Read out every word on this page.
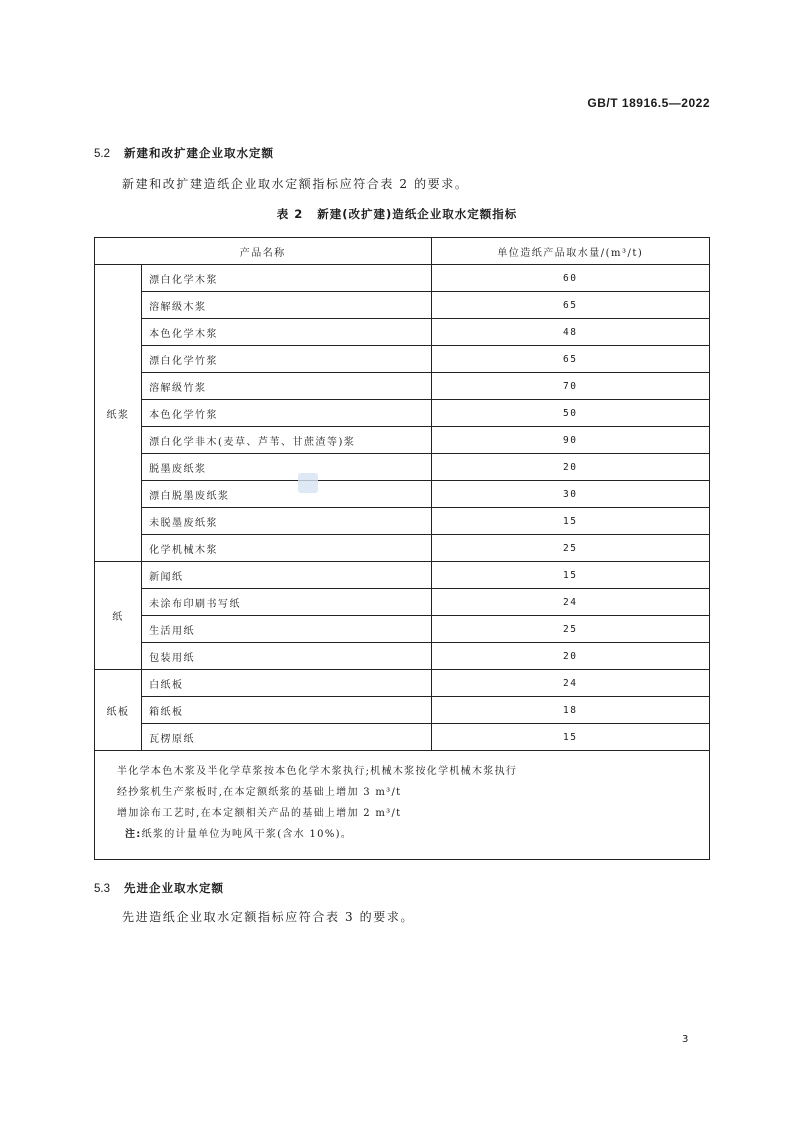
GB/T 18916.5—2022
5.2 新建和改扩建企业取水定额
新建和改扩建造纸企业取水定额指标应符合表 2 的要求。
表 2 新建(改扩建)造纸企业取水定额指标
产品名称		单位造纸产品取水量/(m³/t)
纸浆	漂白化学木浆	60
	溶解级木浆	65
	本色化学木浆	48
	漂白化学竹浆	65
	溶解级竹浆	70
	本色化学竹浆	50
	漂白化学非木(麦草、芦苇、甘蔗渣等)浆	90
	脱墨废纸浆	20
	漂白脱墨废纸浆	30
	未脱墨废纸浆	15
	化学机械木浆	25
纸	新闻纸	15
	未涂布印刷书写纸	24
	生活用纸	25
	包装用纸	20
纸板	白纸板	24
	箱纸板	18
	瓦楞原纸	15

半化学本色木浆及半化学草浆按本色化学木浆执行;机械木浆按化学机械木浆执行
经抄浆机生产浆板时,在本定额纸浆的基础上增加 3 m³/t
增加涂布工艺时,在本定额相关产品的基础上增加 2 m³/t
注:纸浆的计量单位为吨风干浆(含水 10%)。		
5.3 先进企业取水定额
先进造纸企业取水定额指标应符合表 3 的要求。
3
